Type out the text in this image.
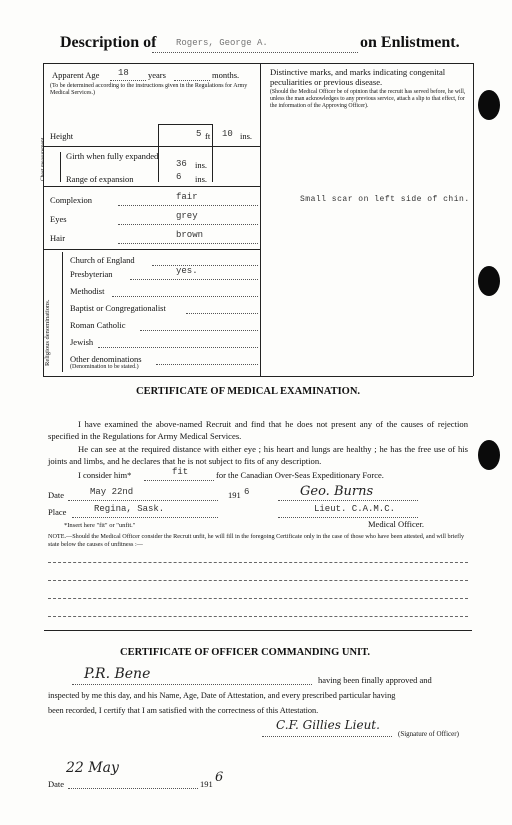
Description of Rogers, George A.	on Enlistment.
Apparent Age 18 years	months.
(To be determined according to the instructions given in the Regulations for Army Medical Services.)
Height	5 ft 10 ins.
Chest measurement Girth when fully expanded
36 ins.
Range of expansion	6 ins.
Complexion	fair
Eyes	grey
Hair	brown
Religious denominations.
Church of England
Presbyterian	yes.
Methodist
Baptist or Congregationalist
Roman Catholic
Jewish
Other denominations
(Denomination to be stated.)
Distinctive marks, and marks indicating congenital peculiarities or previous disease.
(Should the Medical Officer be of opinion that the recruit has served before, he will, unless the man acknowledges to any previous service, attach a slip to that effect, for the information of the Approving Officer).
Small scar on left side of chin.
CERTIFICATE OF MEDICAL EXAMINATION.
I have examined the above-named Recruit and find that he does not present any of the causes of rejection specified in the Regulations for Army Medical Services.
He can see at the required distance with either eye ; his heart and lungs are healthy ; he has the free use of his joints and limbs, and he declares that he is not subject to fits of any description.
I consider him*	fit	for the Canadian Over-Seas Expeditionary Force.
Date	May 22nd	191 6	Geo. Burns
Place	Regina, Sask.	Lieut. C.A.M.C.
Medical Officer.
*Insert here "fit" or "unfit."
NOTE.—Should the Medical Officer consider the Recruit unfit, he will fill in the foregoing Certificate only in the case of those who have been attested, and will briefly state below the causes of unfitness :—
CERTIFICATE OF OFFICER COMMANDING UNIT.
P.R. Bene	having been finally approved and
inspected by me this day, and his Name, Age, Date of Attestation, and every prescribed particular having
been recorded, I certify that I am satisfied with the correctness of this Attestation.
C.F. Gillies Lieut.
(Signature of Officer)
22 May
Date	191 6
